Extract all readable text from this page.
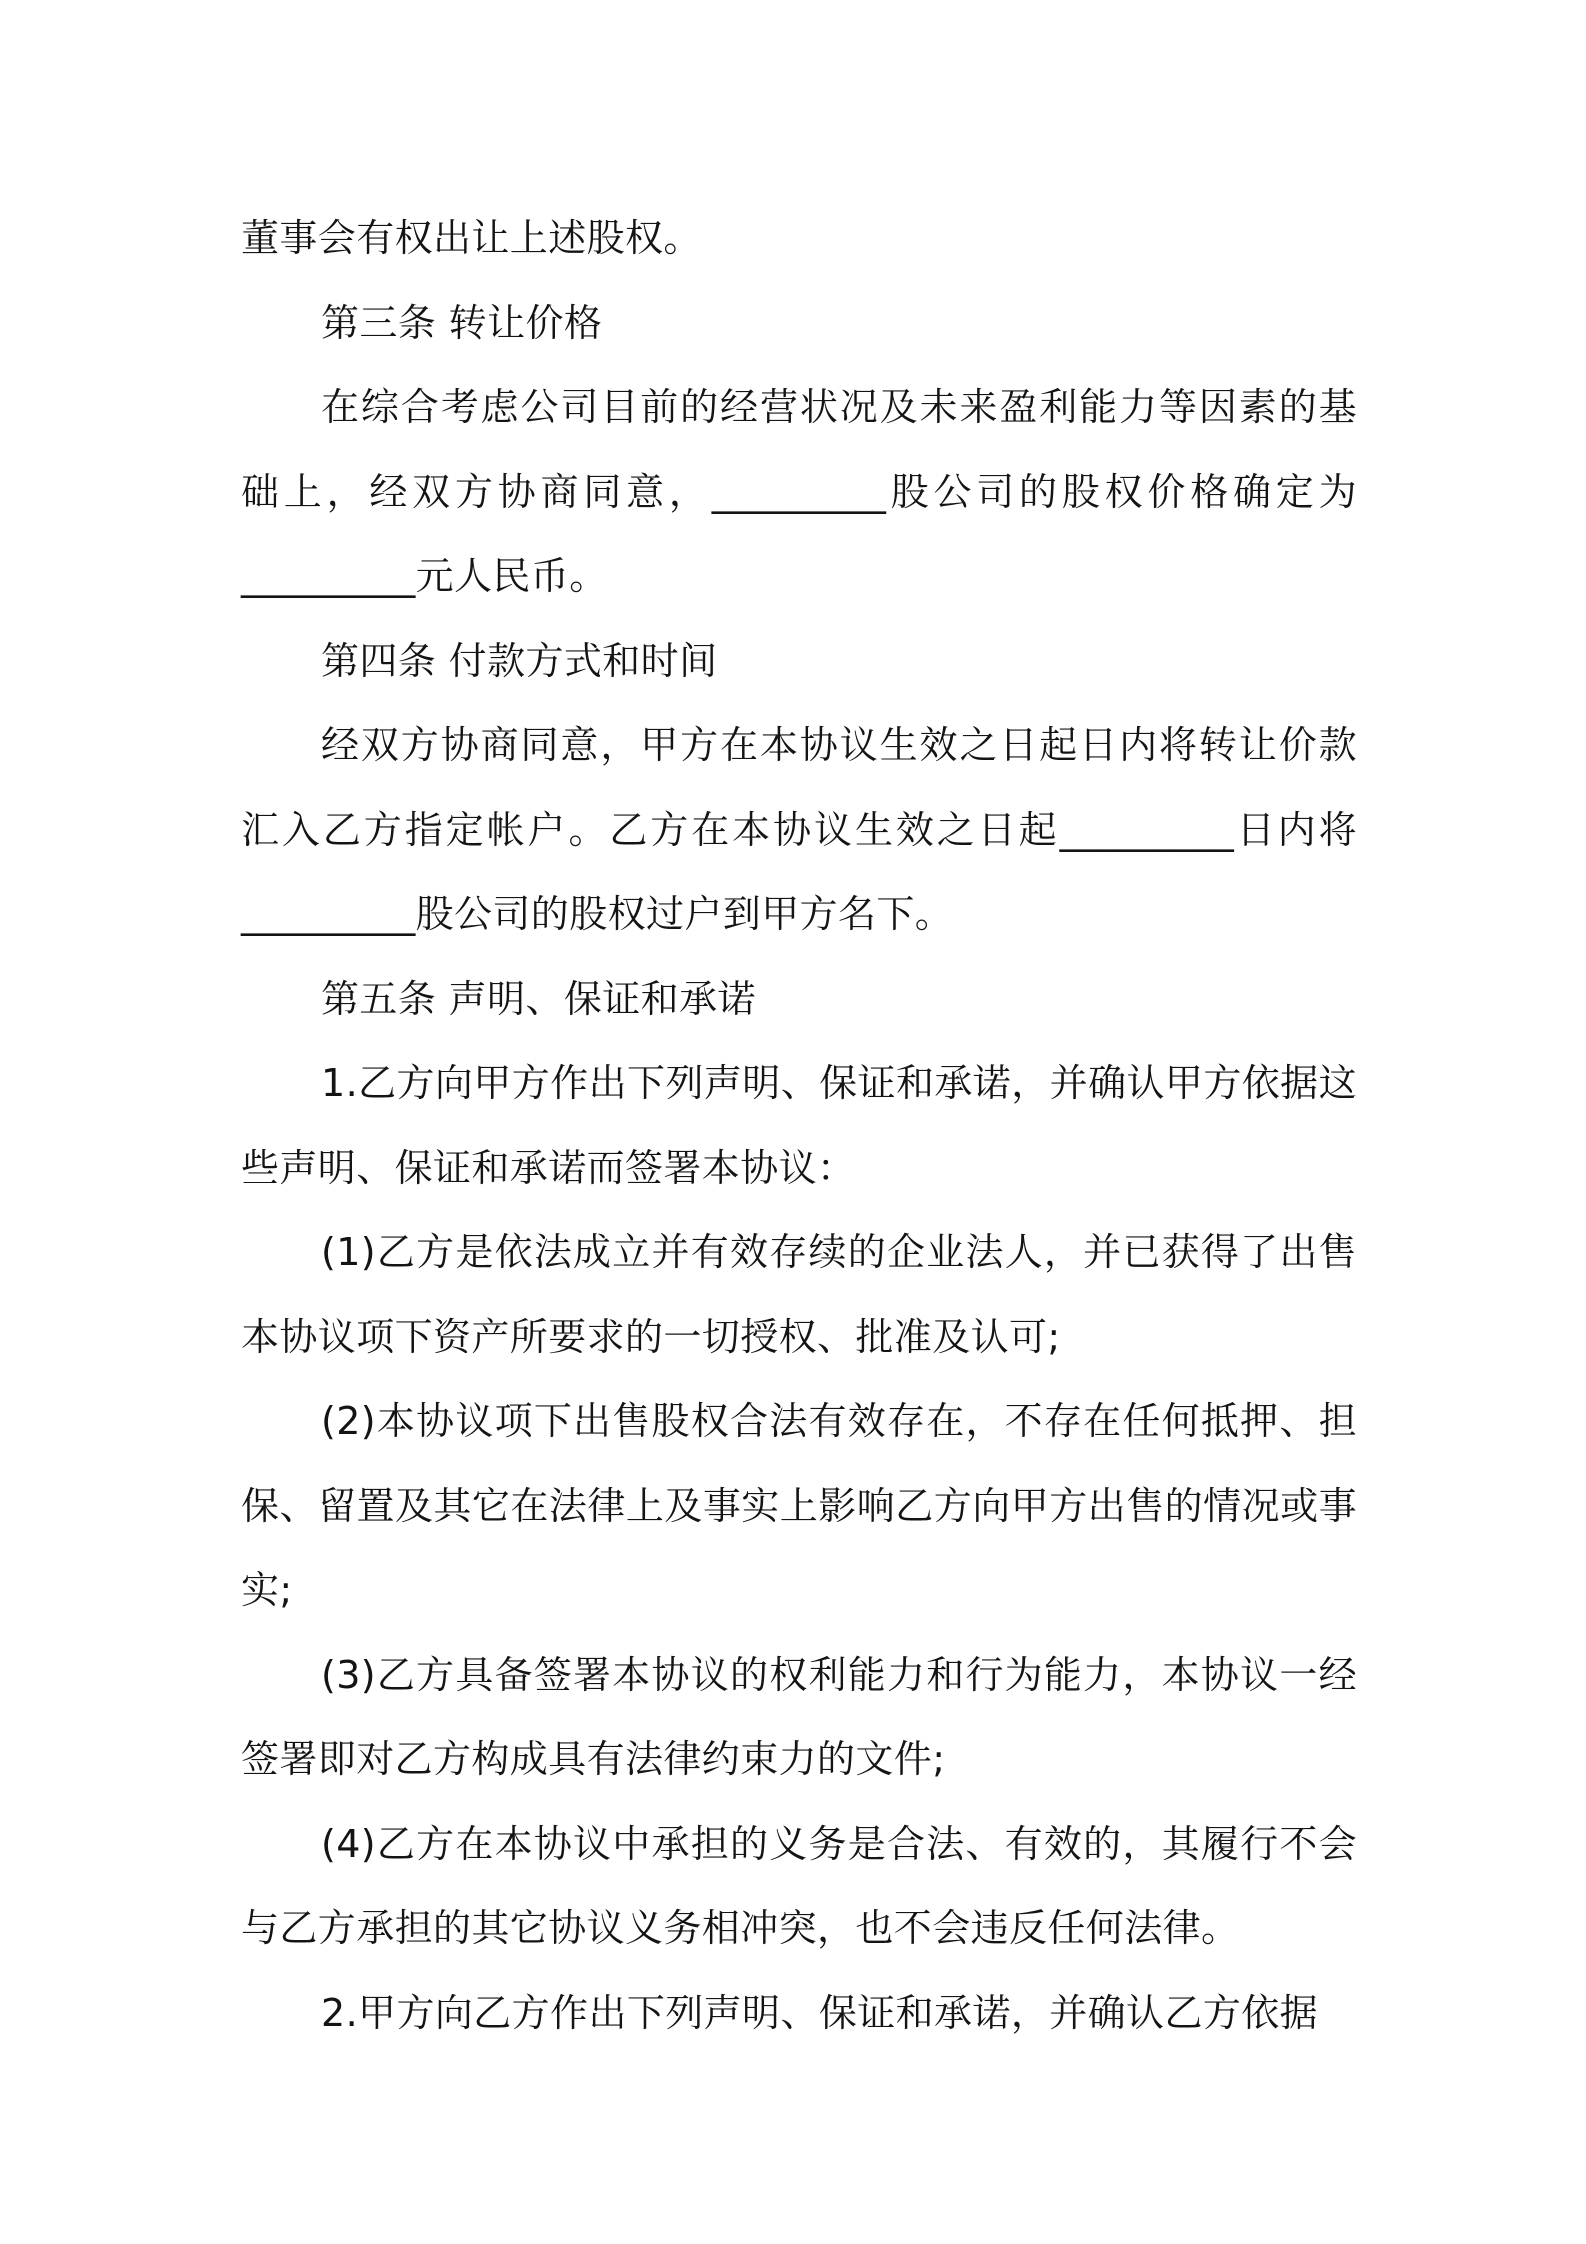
董事会有权出让上述股权。

第三条 转让价格

在综合考虑公司目前的经营状况及未来盈利能力等因素的基础上，经双方协商同意，_________股公司的股权价格确定为_________元人民币。

第四条 付款方式和时间

经双方协商同意，甲方在本协议生效之日起日内将转让价款汇入乙方指定帐户。乙方在本协议生效之日起_________日内将_________股公司的股权过户到甲方名下。

第五条 声明、保证和承诺

1.乙方向甲方作出下列声明、保证和承诺，并确认甲方依据这些声明、保证和承诺而签署本协议：

(1)乙方是依法成立并有效存续的企业法人，并已获得了出售本协议项下资产所要求的一切授权、批准及认可;

(2)本协议项下出售股权合法有效存在，不存在任何抵押、担保、留置及其它在法律上及事实上影响乙方向甲方出售的情况或事实;

(3)乙方具备签署本协议的权利能力和行为能力，本协议一经签署即对乙方构成具有法律约束力的文件;

(4)乙方在本协议中承担的义务是合法、有效的，其履行不会与乙方承担的其它协议义务相冲突，也不会违反任何法律。

2.甲方向乙方作出下列声明、保证和承诺，并确认乙方依据
